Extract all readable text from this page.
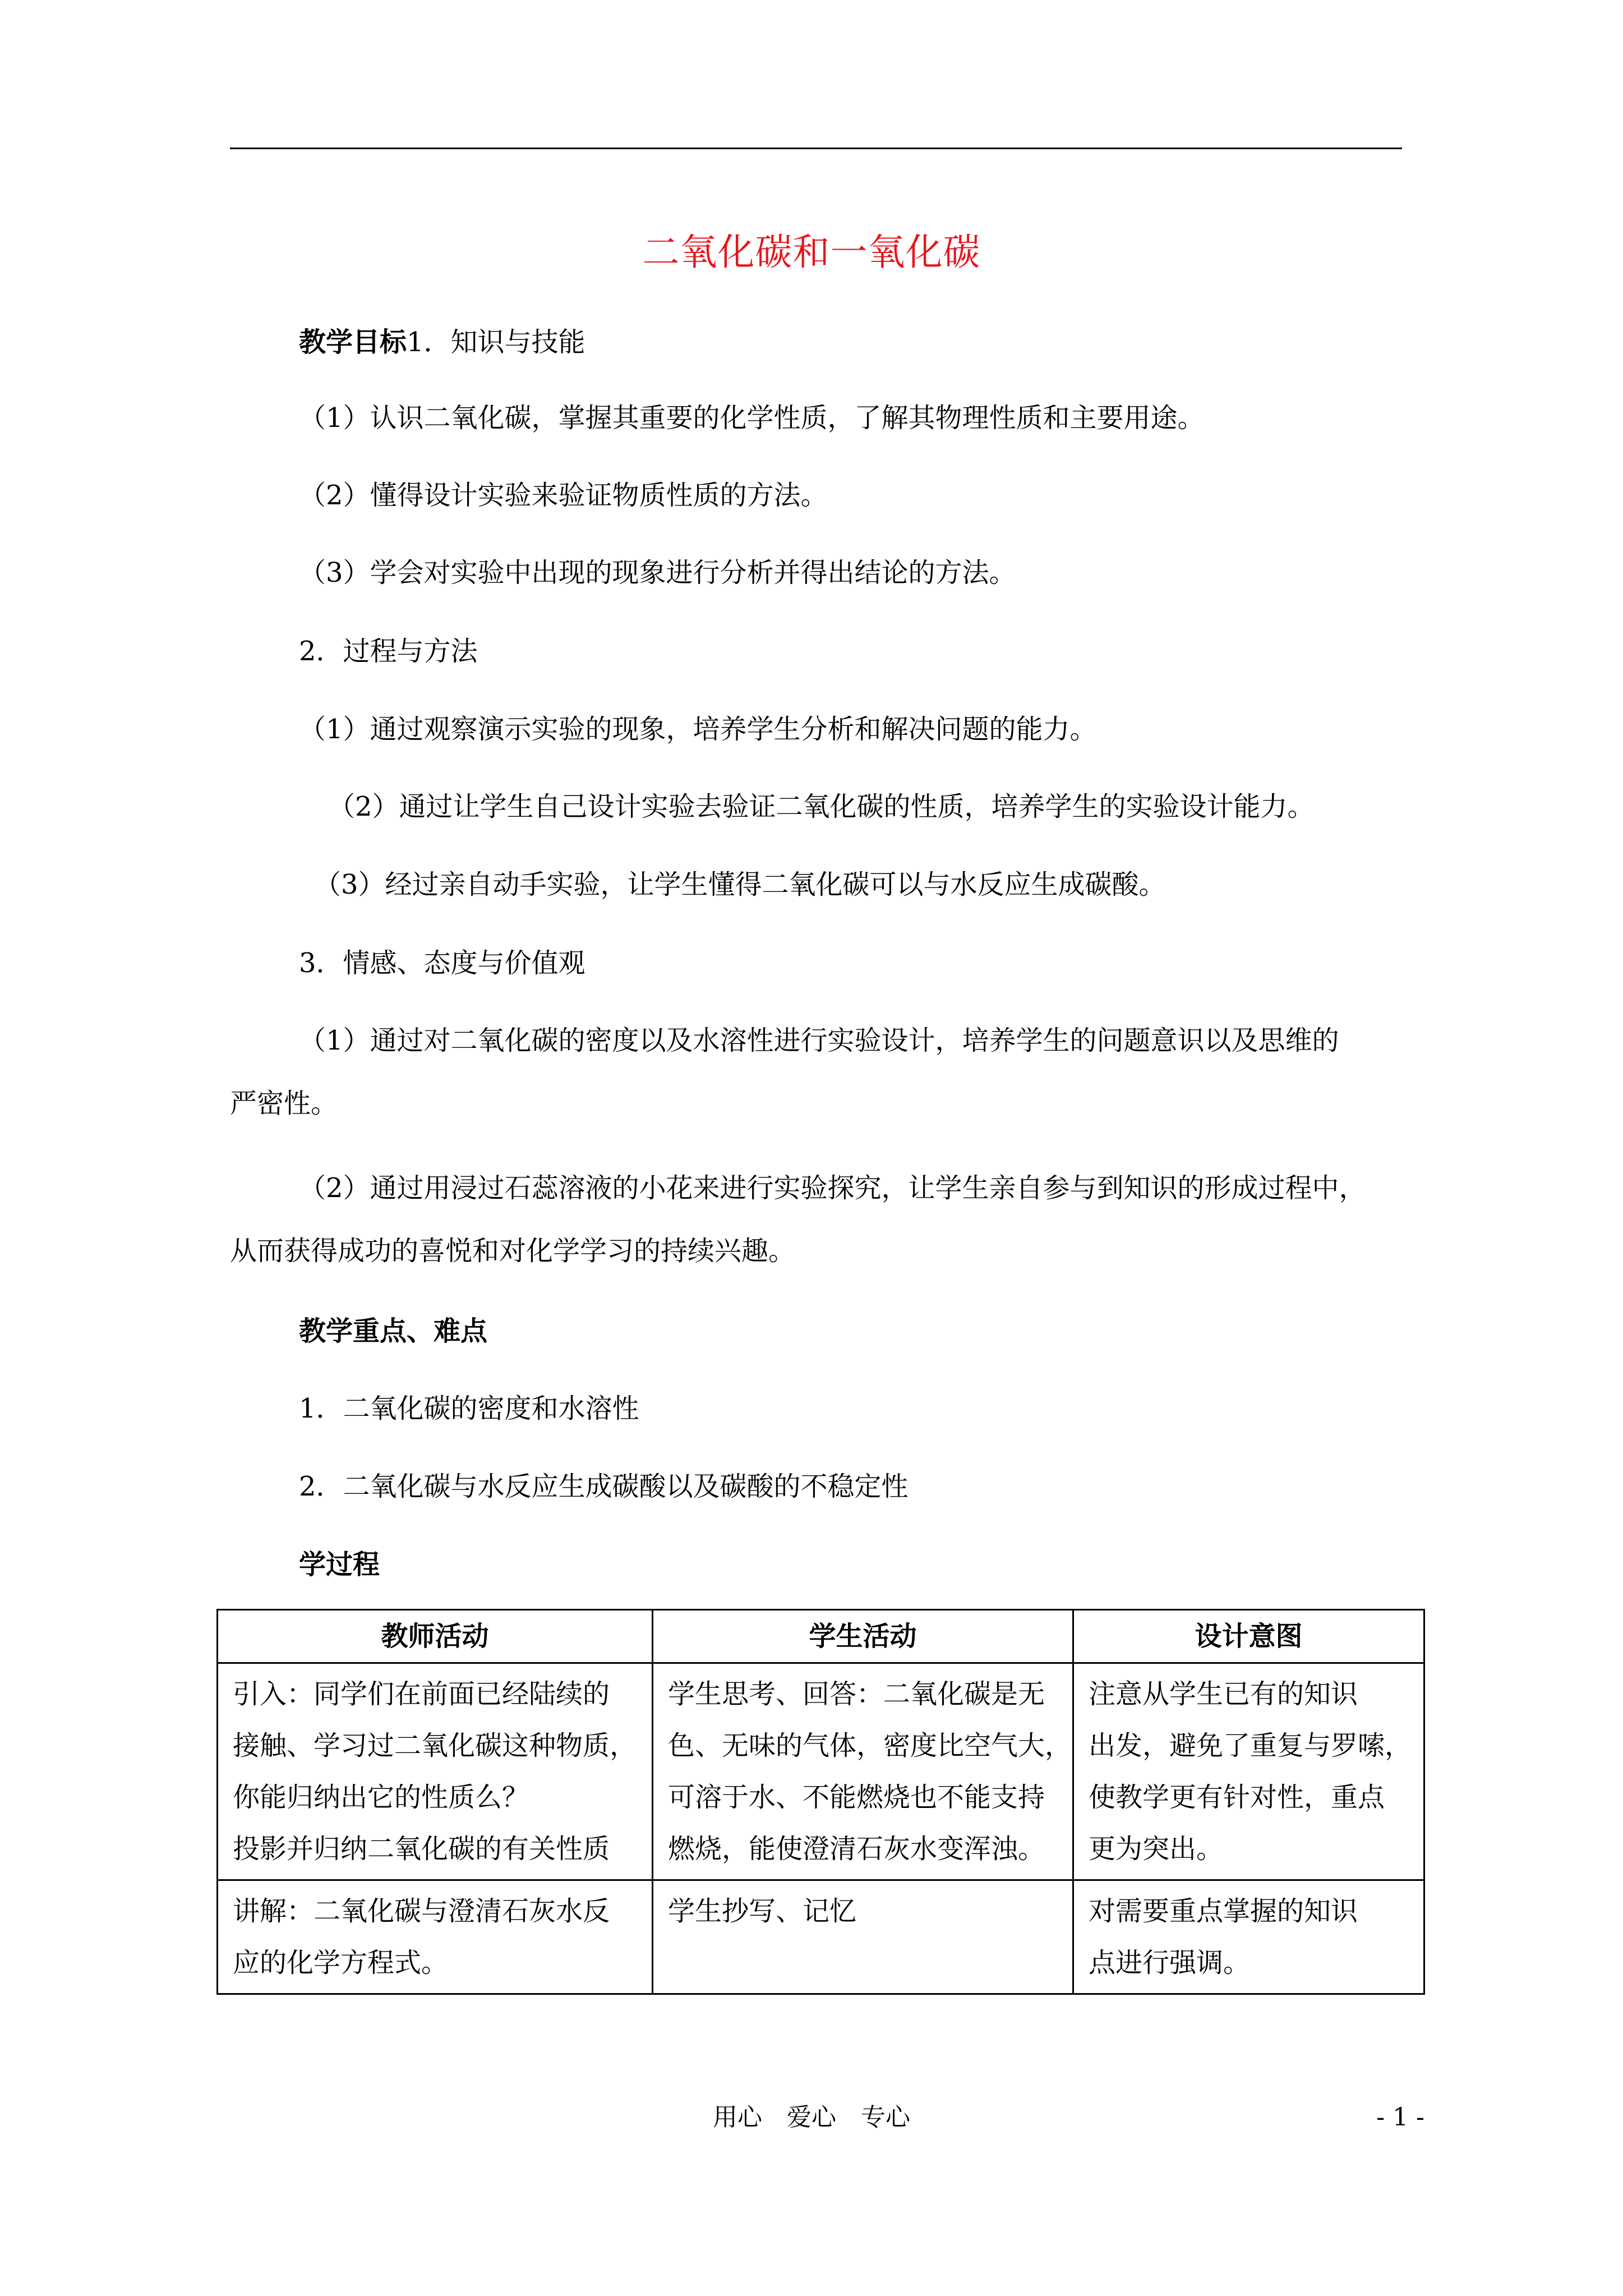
二氧化碳和一氧化碳
教学目标1．知识与技能
（1）认识二氧化碳，掌握其重要的化学性质，了解其物理性质和主要用途。
（2）懂得设计实验来验证物质性质的方法。
（3）学会对实验中出现的现象进行分析并得出结论的方法。
2．过程与方法
（1）通过观察演示实验的现象，培养学生分析和解决问题的能力。
（2）通过让学生自己设计实验去验证二氧化碳的性质，培养学生的实验设计能力。
（3）经过亲自动手实验，让学生懂得二氧化碳可以与水反应生成碳酸。
3．情感、态度与价值观
（1）通过对二氧化碳的密度以及水溶性进行实验设计，培养学生的问题意识以及思维的
严密性。
（2）通过用浸过石蕊溶液的小花来进行实验探究，让学生亲自参与到知识的形成过程中，
从而获得成功的喜悦和对化学学习的持续兴趣。
教学重点、难点
1．二氧化碳的密度和水溶性
2．二氧化碳与水反应生成碳酸以及碳酸的不稳定性
学过程
教师活动	学生活动	设计意图

引入：同学们在前面已经陆续的
接触、学习过二氧化碳这种物质，
你能归纳出它的性质么？
投影并归纳二氧化碳的有关性质	学生思考、回答：二氧化碳是无
色、无味的气体，密度比空气大，
可溶于水、不能燃烧也不能支持
燃烧，能使澄清石灰水变浑浊。	注意从学生已有的知识
出发，避免了重复与罗嗦，
使教学更有针对性，重点
更为突出。

讲解：二氧化碳与澄清石灰水反
应的化学方程式。	学生抄写、记忆	对需要重点掌握的知识
点进行强调。
用心　爱心　专心	- 1 -
